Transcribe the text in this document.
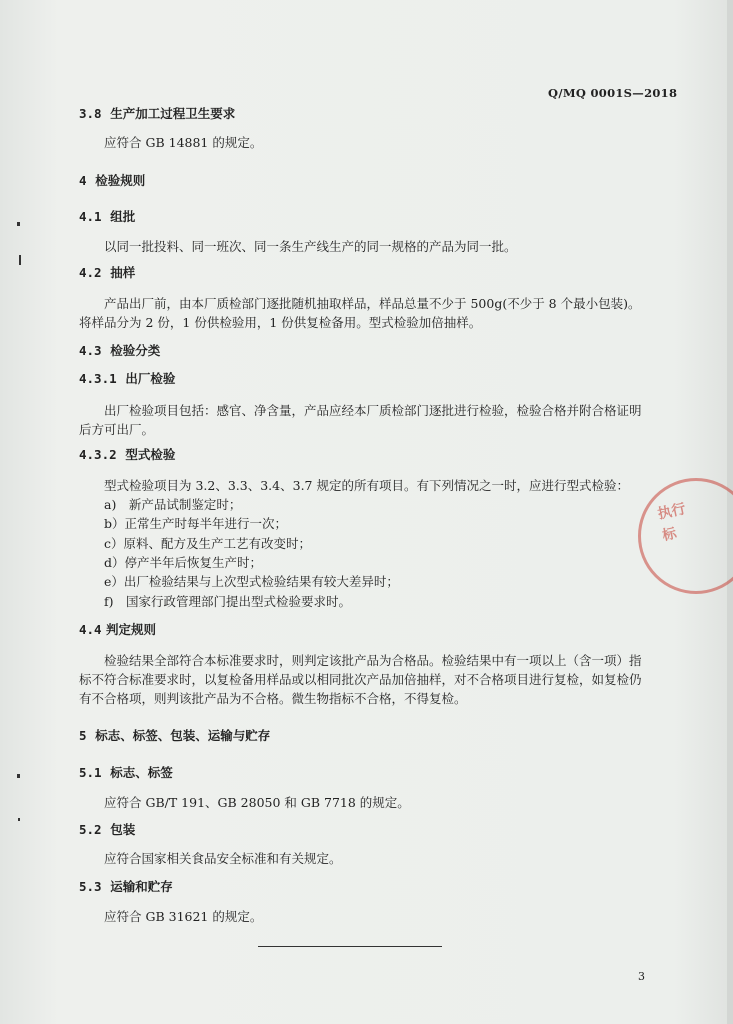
Q/MQ 0001S—2018
3.8 生产加工过程卫生要求
应符合 GB 14881 的规定。
4 检验规则
4.1 组批
以同一批投料、同一班次、同一条生产线生产的同一规格的产品为同一批。
4.2 抽样
产品出厂前，由本厂质检部门逐批随机抽取样品，样品总量不少于 500g(不少于 8 个最小包装)。
将样品分为 2 份，1 份供检验用，1 份供复检备用。型式检验加倍抽样。
4.3 检验分类
4.3.1 出厂检验
出厂检验项目包括：感官、净含量，产品应经本厂质检部门逐批进行检验，检验合格并附合格证明
后方可出厂。
4.3.2 型式检验
型式检验项目为 3.2、3.3、3.4、3.7 规定的所有项目。有下列情况之一时，应进行型式检验：
a)　新产品试制鉴定时；
b）正常生产时每半年进行一次；
c）原料、配方及生产工艺有改变时；
d）停产半年后恢复生产时；
e）出厂检验结果与上次型式检验结果有较大差异时；
f)　国家行政管理部门提出型式检验要求时。
4.4 判定规则
检验结果全部符合本标准要求时，则判定该批产品为合格品。检验结果中有一项以上（含一项）指
标不符合标准要求时，以复检备用样品或以相同批次产品加倍抽样，对不合格项目进行复检，如复检仍
有不合格项，则判该批产品为不合格。微生物指标不合格，不得复检。
5 标志、标签、包装、运输与贮存
5.1 标志、标签
应符合 GB/T 191、GB 28050 和 GB 7718 的规定。
5.2 包装
应符合国家相关食品安全标准和有关规定。
5.3 运输和贮存
应符合 GB 31621 的规定。
3
执行标
